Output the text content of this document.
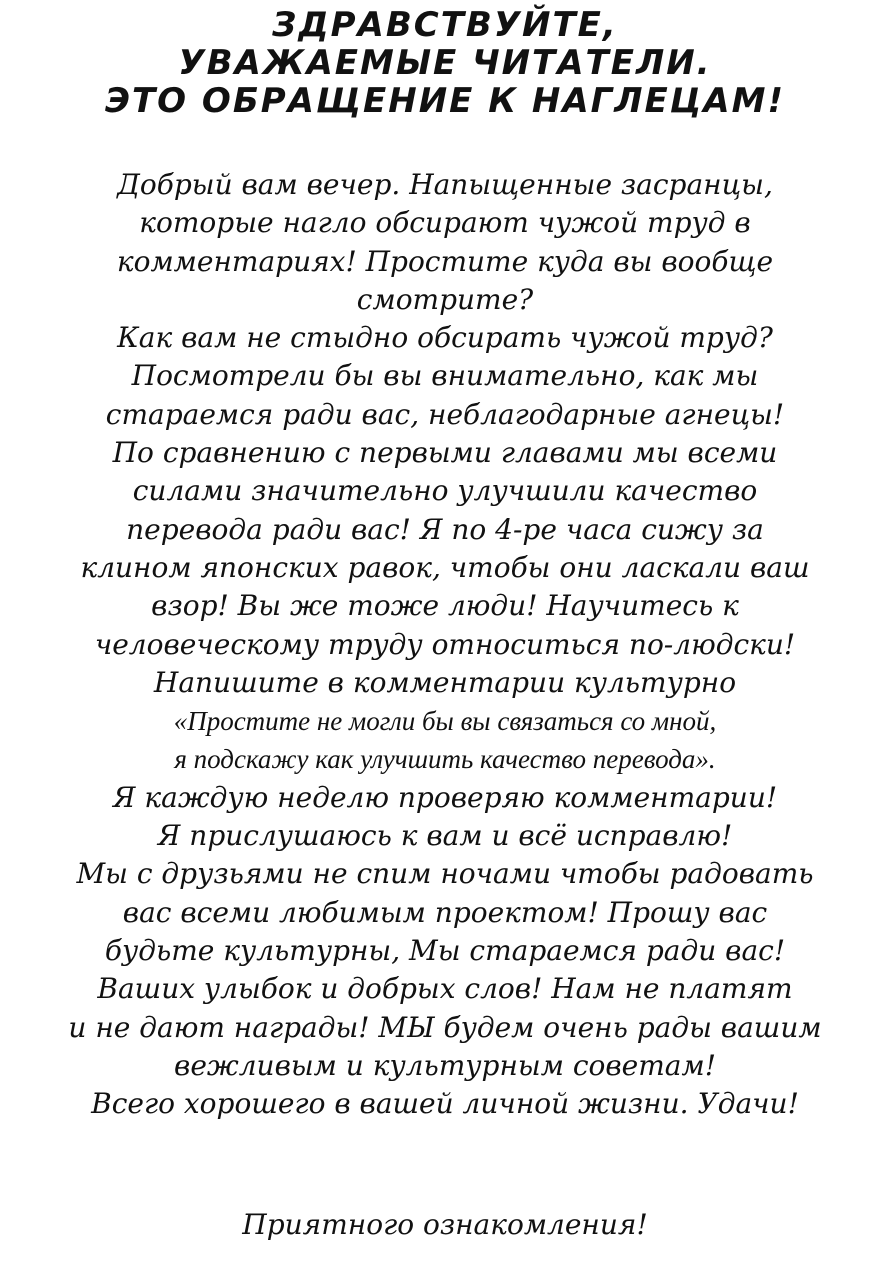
ЗДРАВСТВУЙТЕ,
УВАЖАЕМЫЕ ЧИТАТЕЛИ.
ЭТО ОБРАЩЕНИЕ К НАГЛЕЦАМ!
Добрый вам вечер. Напыщенные засранцы,
которые нагло обсирают чужой труд в
комментариях! Простите куда вы вообще
смотрите?
Как вам не стыдно обсирать чужой труд?
Посмотрели бы вы внимательно, как мы
стараемся ради вас, неблагодарные агнецы!
По сравнению с первыми главами мы всеми
силами значительно улучшили качество
перевода ради вас! Я по 4-ре часа сижу за
клином японских равок, чтобы они ласкали ваш
взор! Вы же тоже люди! Научитесь к
человеческому труду относиться по-людски!
Напишите в комментарии культурно
«Простите не могли бы вы связаться со мной,
я подскажу как улучшить качество перевода».
Я каждую неделю проверяю комментарии!
Я прислушаюсь к вам и всё исправлю!
Мы с друзьями не спим ночами чтобы радовать
вас всеми любимым проектом! Прошу вас
будьте культурны, Мы стараемся ради вас!
Ваших улыбок и добрых слов! Нам не платят
и не дают награды! МЫ будем очень рады вашим
вежливым и культурным советам!
Всего хорошего в вашей личной жизни. Удачи!
Приятного ознакомления!
